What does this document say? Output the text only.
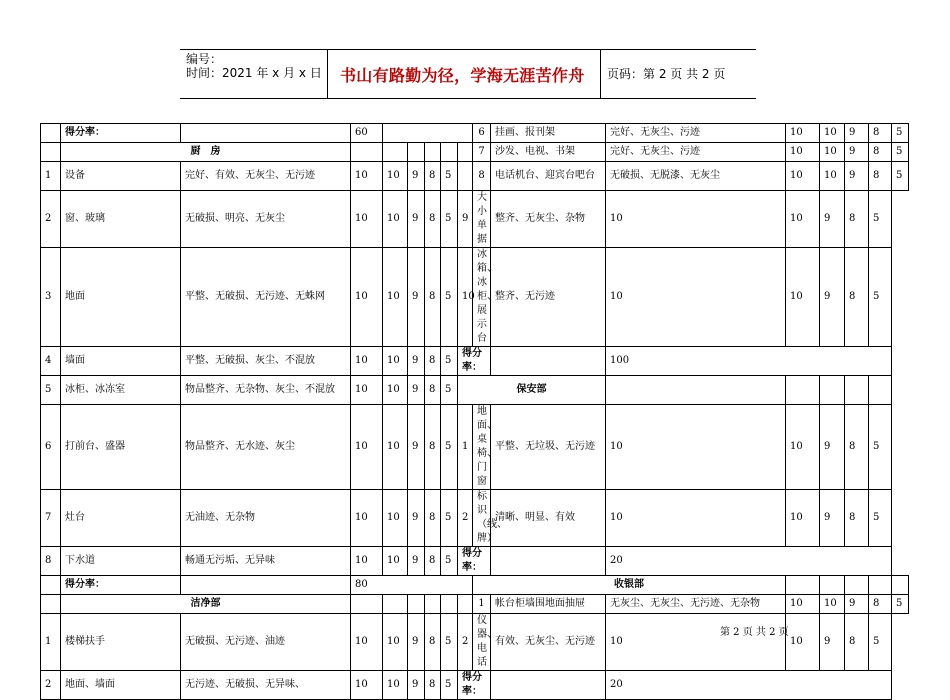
编号：
时间：2021 年 x 月 x 日 书山有路勤为径，学海无涯苦作舟 页码：第 2 页 共 2 页
	得分率：		60						6	挂画、报刊架	完好、无灰尘、污迹	10	10	9	8	5
	厨　房								7	沙发、电视、书架	完好、无灰尘、污迹	10	10	9	8	5
1	设备	完好、有效、无灰尘、无污迹	10	10	9	8	5		8	电话机台、迎宾台吧台	无破损、无脱漆、无灰尘	10	10	9	8	5
2	窗、玻璃	无破损、明亮、无灰尘	10	10	9	8	5	9	大小单据	整齐、无灰尘、杂物	10	10	9	8	5	
3	地面	平整、无破损、无污迹、无蛛网	10	10	9	8	5	10	冰箱、冰柜、展示台	整齐、无污迹	10	10	9	8	5	
4	墙面	平整、无破损、灰尘、不混放	10	10	9	8	5	得分率：			100					
5	冰柜、冰冻室	物品整齐、无杂物、灰尘、不混放	10	10	9	8	5	保安部								
6	打前台、盛器	物品整齐、无水迹、灰尘	10	10	9	8	5	1	地面、桌椅、门窗	平整、无垃圾、无污迹	10	10	9	8	5	
7	灶台	无油迹、无杂物	10	10	9	8	5	2	标识（线、牌）	清晰、明显、有效	10	10	9	8	5	
8	下水道	畅通无污垢、无异味	10	10	9	8	5	得分率：			20					
	得分率：		80						收银部							
	洁净部								1	帐台柜墙围地面抽屉	无灰尘、无灰尘、无污迹、无杂物	10	10	9	8	5
1	楼梯扶手	无破损、无污迹、油迹	10	10	9	8	5	2	仪器、电话	有效、无灰尘、无污迹	10	10	9	8	5	
2	地面、墙面	无污迹、无破损、无异味、	10	10	9	8	5	得分率：			20					
第 2 页 共 2 页
